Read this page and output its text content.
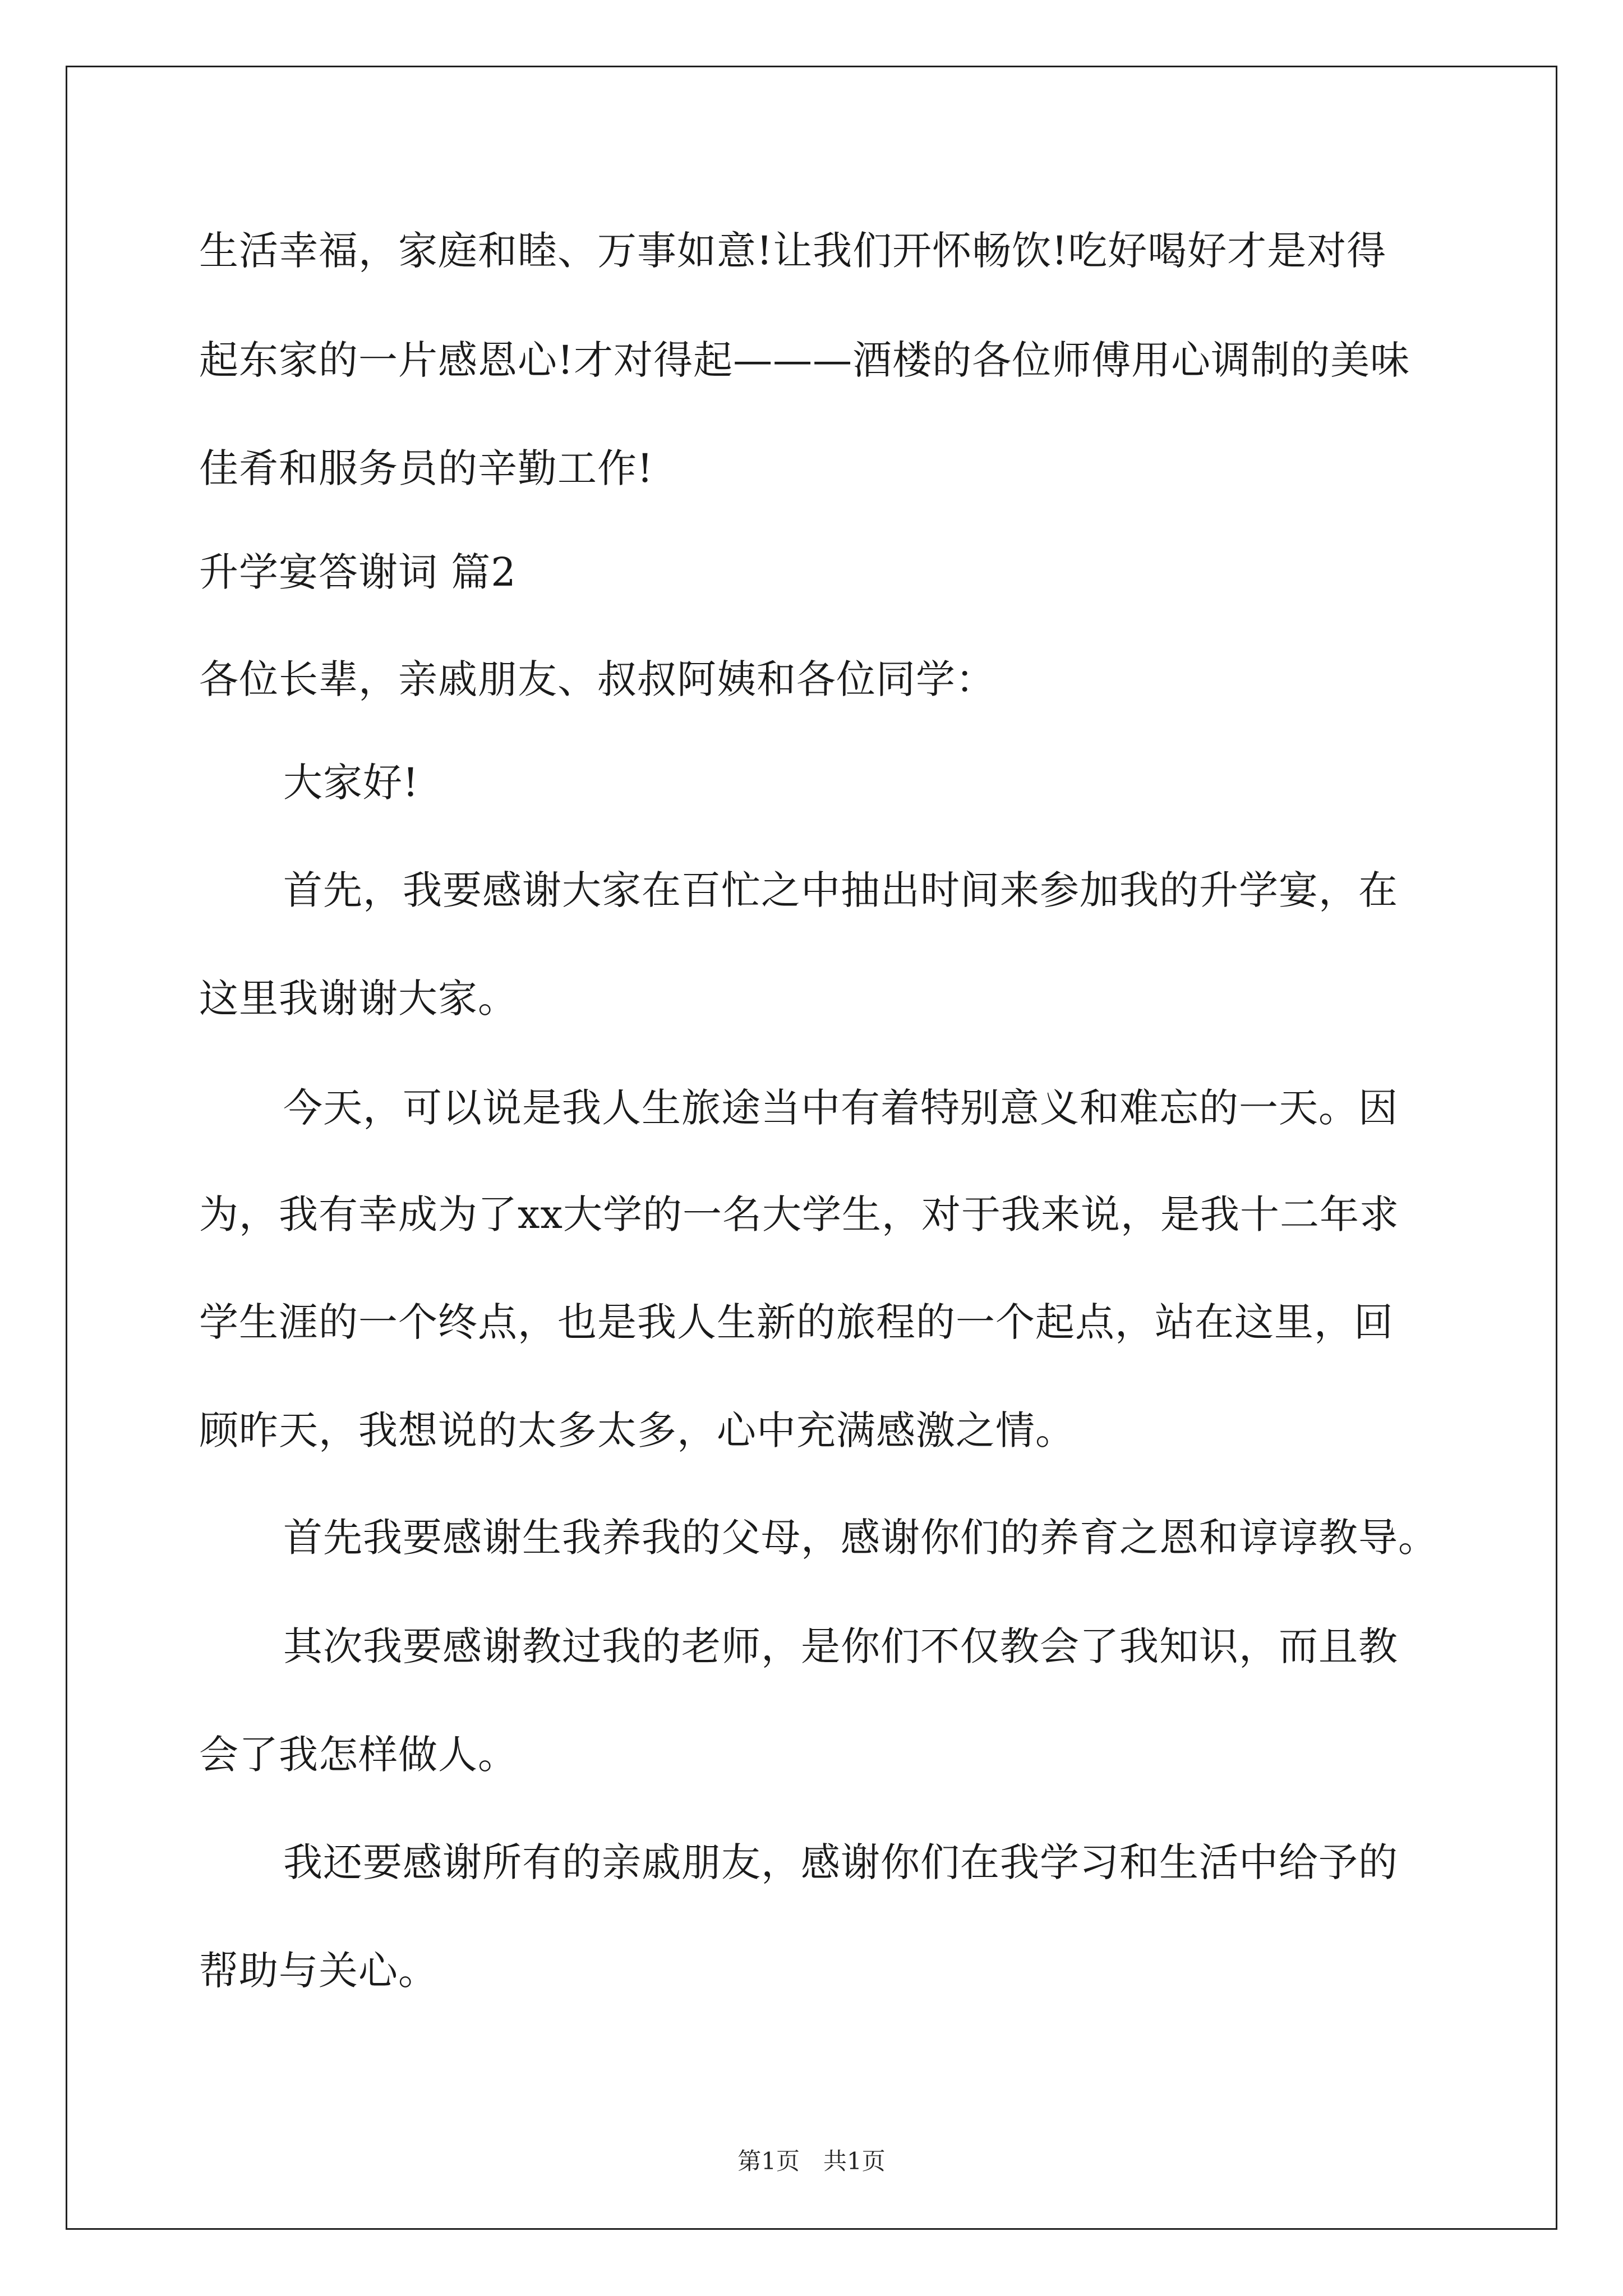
生活幸福，家庭和睦、万事如意!让我们开怀畅饮!吃好喝好才是对得
起东家的一片感恩心!才对得起———酒楼的各位师傅用心调制的美味
佳肴和服务员的辛勤工作!
升学宴答谢词 篇2
各位长辈，亲戚朋友、叔叔阿姨和各位同学：
大家好!
首先，我要感谢大家在百忙之中抽出时间来参加我的升学宴，在
这里我谢谢大家。
今天，可以说是我人生旅途当中有着特别意义和难忘的一天。因
为，我有幸成为了xx大学的一名大学生，对于我来说，是我十二年求
学生涯的一个终点，也是我人生新的旅程的一个起点，站在这里，回
顾昨天，我想说的太多太多，心中充满感激之情。
首先我要感谢生我养我的父母，感谢你们的养育之恩和谆谆教导。
其次我要感谢教过我的老师，是你们不仅教会了我知识，而且教
会了我怎样做人。
我还要感谢所有的亲戚朋友，感谢你们在我学习和生活中给予的
帮助与关心。
第1页　共1页
